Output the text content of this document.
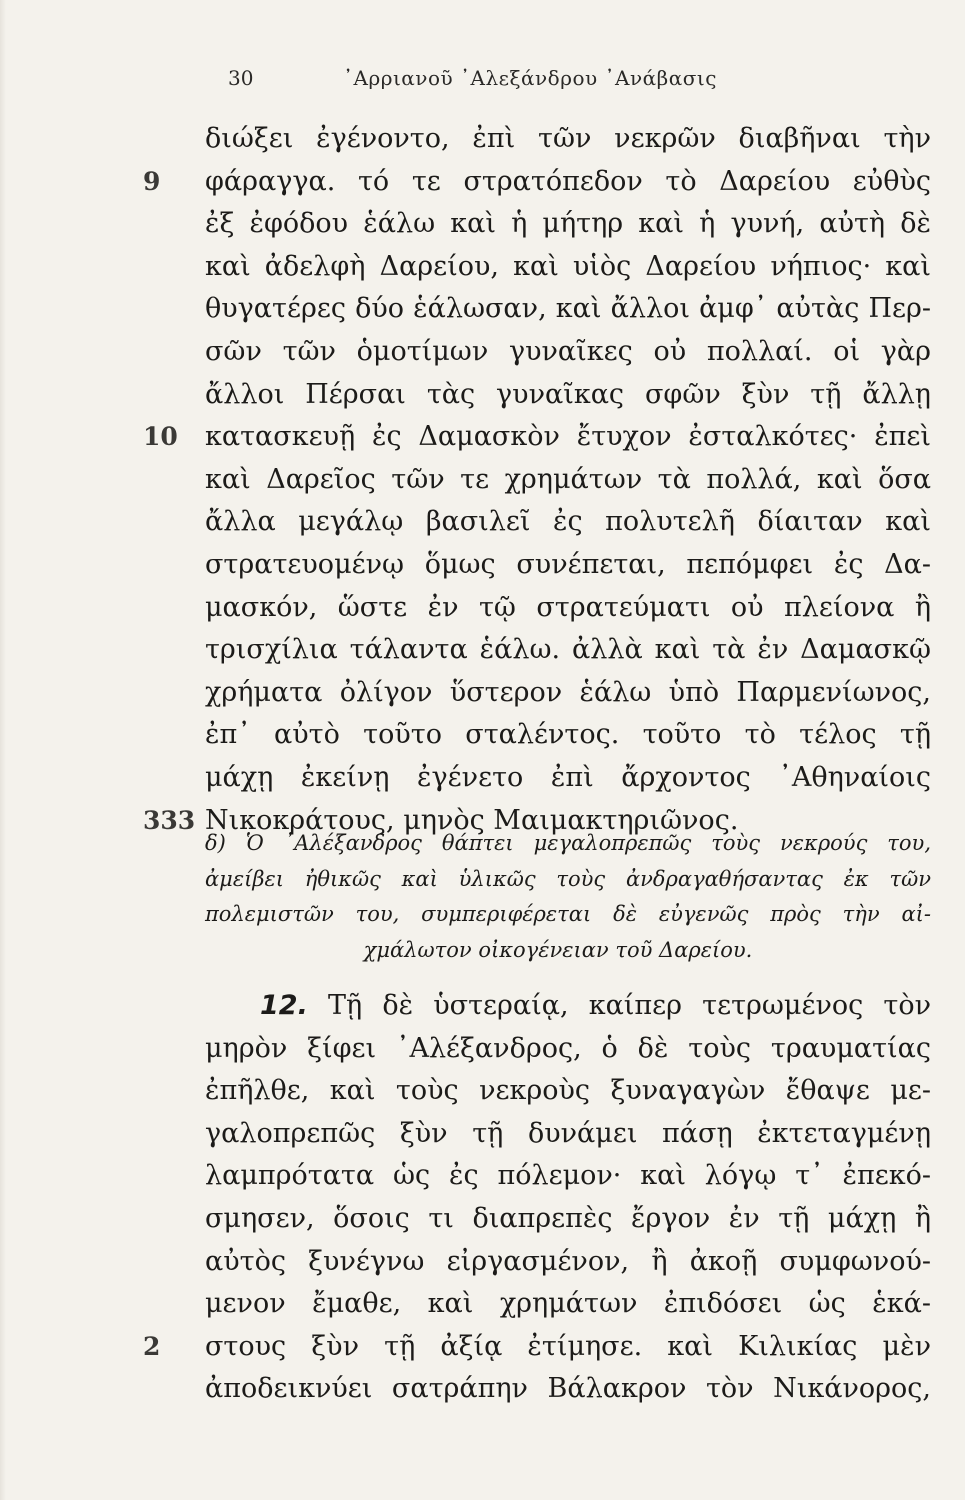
30	᾿Αρριανοῦ ᾿Αλεξάνδρου ᾿Ανάβασις
διώξει ἐγένοντο, ἐπὶ τῶν νεκρῶν διαβῆναι τὴν
9 φάραγγα. τό τε στρατόπεδον τὸ Δαρείου εὐθὺς
ἐξ ἐφόδου ἑάλω καὶ ἡ μήτηρ καὶ ἡ γυνή, αὐτὴ δὲ
καὶ ἀδελφὴ Δαρείου, καὶ υἱὸς Δαρείου νήπιος· καὶ
θυγατέρες δύο ἑάλωσαν, καὶ ἄλλοι ἀμφ᾿ αὐτὰς Περ-
σῶν τῶν ὁμοτίμων γυναῖκες οὐ πολλαί. οἱ γὰρ
ἄλλοι Πέρσαι τὰς γυναῖκας σφῶν ξὺν τῇ ἄλλῃ
10 κατασκευῇ ἐς Δαμασκὸν ἔτυχον ἐσταλκότες· ἐπεὶ
καὶ Δαρεῖος τῶν τε χρημάτων τὰ πολλά, καὶ ὅσα
ἄλλα μεγάλῳ βασιλεῖ ἐς πολυτελῆ δίαιταν καὶ
στρατευομένῳ ὅμως συνέπεται, πεπόμφει ἐς Δα-
μασκόν, ὥστε ἐν τῷ στρατεύματι οὐ πλείονα ἢ
τρισχίλια τάλαντα ἑάλω. ἀλλὰ καὶ τὰ ἐν Δαμασκῷ
χρήματα ὀλίγον ὕστερον ἑάλω ὑπὸ Παρμενίωνος,
ἐπ᾿ αὐτὸ τοῦτο σταλέντος. τοῦτο τὸ τέλος τῇ
μάχῃ ἐκείνῃ ἐγένετο ἐπὶ ἄρχοντος ᾿Αθηναίοις
333 Νικοκράτους, μηνὸς Μαιμακτηριῶνος.
δ) Ὁ ᾿Αλέξανδρος θάπτει μεγαλοπρεπῶς τοὺς νεκρούς του,
ἀμείβει ἠθικῶς καὶ ὑλικῶς τοὺς ἀνδραγαθήσαντας ἐκ τῶν
πολεμιστῶν του, συμπεριφέρεται δὲ εὐγενῶς πρὸς τὴν αἰ-
χμάλωτον οἰκογένειαν τοῦ Δαρείου.
12. Τῇ δὲ ὑστεραίᾳ, καίπερ τετρωμένος τὸν
μηρὸν ξίφει ᾿Αλέξανδρος, ὁ δὲ τοὺς τραυματίας
ἐπῆλθε, καὶ τοὺς νεκροὺς ξυναγαγὼν ἔθαψε με-
γαλοπρεπῶς ξὺν τῇ δυνάμει πάσῃ ἐκτεταγμένῃ
λαμπρότατα ὡς ἐς πόλεμον· καὶ λόγῳ τ᾿ ἐπεκό-
σμησεν, ὅσοις τι διαπρεπὲς ἔργον ἐν τῇ μάχῃ ἢ
αὐτὸς ξυνέγνω εἰργασμένον, ἢ ἀκοῇ συμφωνού-
μενον ἔμαθε, καὶ χρημάτων ἐπιδόσει ὡς ἑκά-
2 στους ξὺν τῇ ἀξίᾳ ἐτίμησε. καὶ Κιλικίας μὲν
ἀποδεικνύει σατράπην Βάλακρον τὸν Νικάνορος,
